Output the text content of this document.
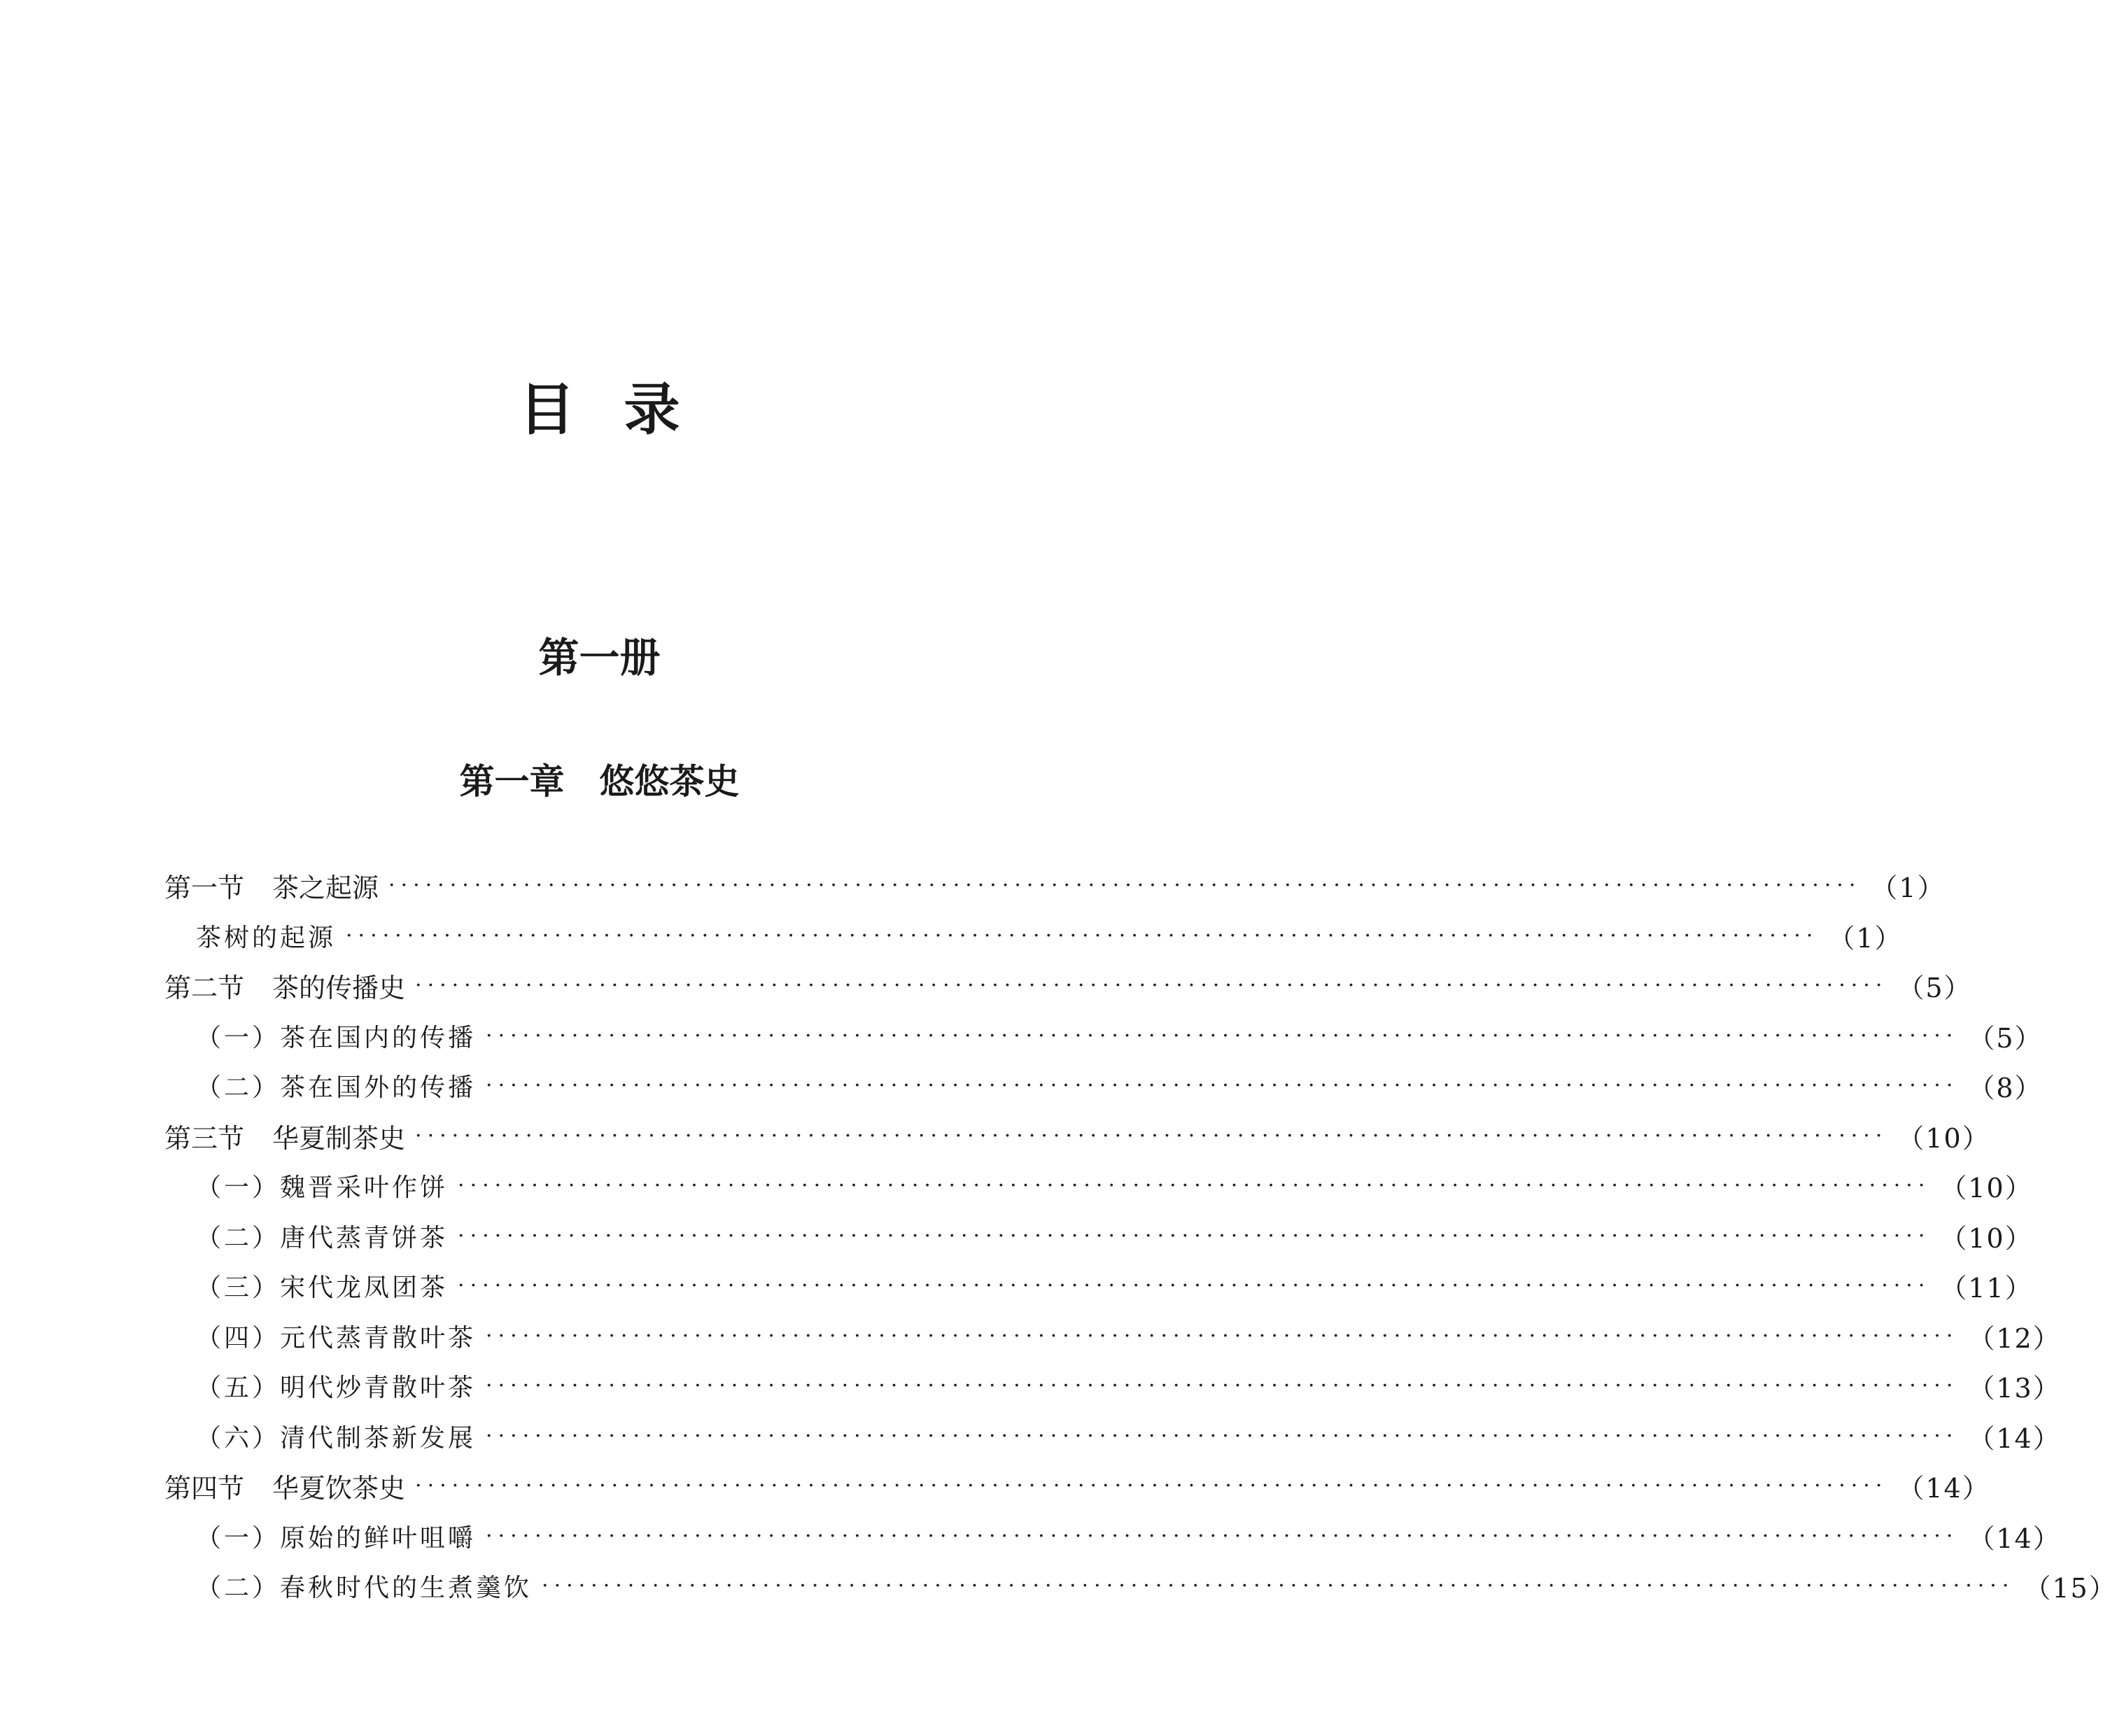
目 录
第一册
第一章 悠悠茶史
第一节 茶之起源 ························································································································ （1）
茶树的起源 ························································································································ （1）
第二节 茶的传播史 ························································································································ （5）
（一）茶在国内的传播 ························································································································ （5）
（二）茶在国外的传播 ························································································································ （8）
第三节 华夏制茶史 ························································································································ （10）
（一）魏晋采叶作饼 ························································································································ （10）
（二）唐代蒸青饼茶 ························································································································ （10）
（三）宋代龙凤团茶 ························································································································ （11）
（四）元代蒸青散叶茶 ························································································································ （12）
（五）明代炒青散叶茶 ························································································································ （13）
（六）清代制茶新发展 ························································································································ （14）
第四节 华夏饮茶史 ························································································································ （14）
（一）原始的鲜叶咀嚼 ························································································································ （14）
（二）春秋时代的生煮羹饮 ························································································································ （15）
